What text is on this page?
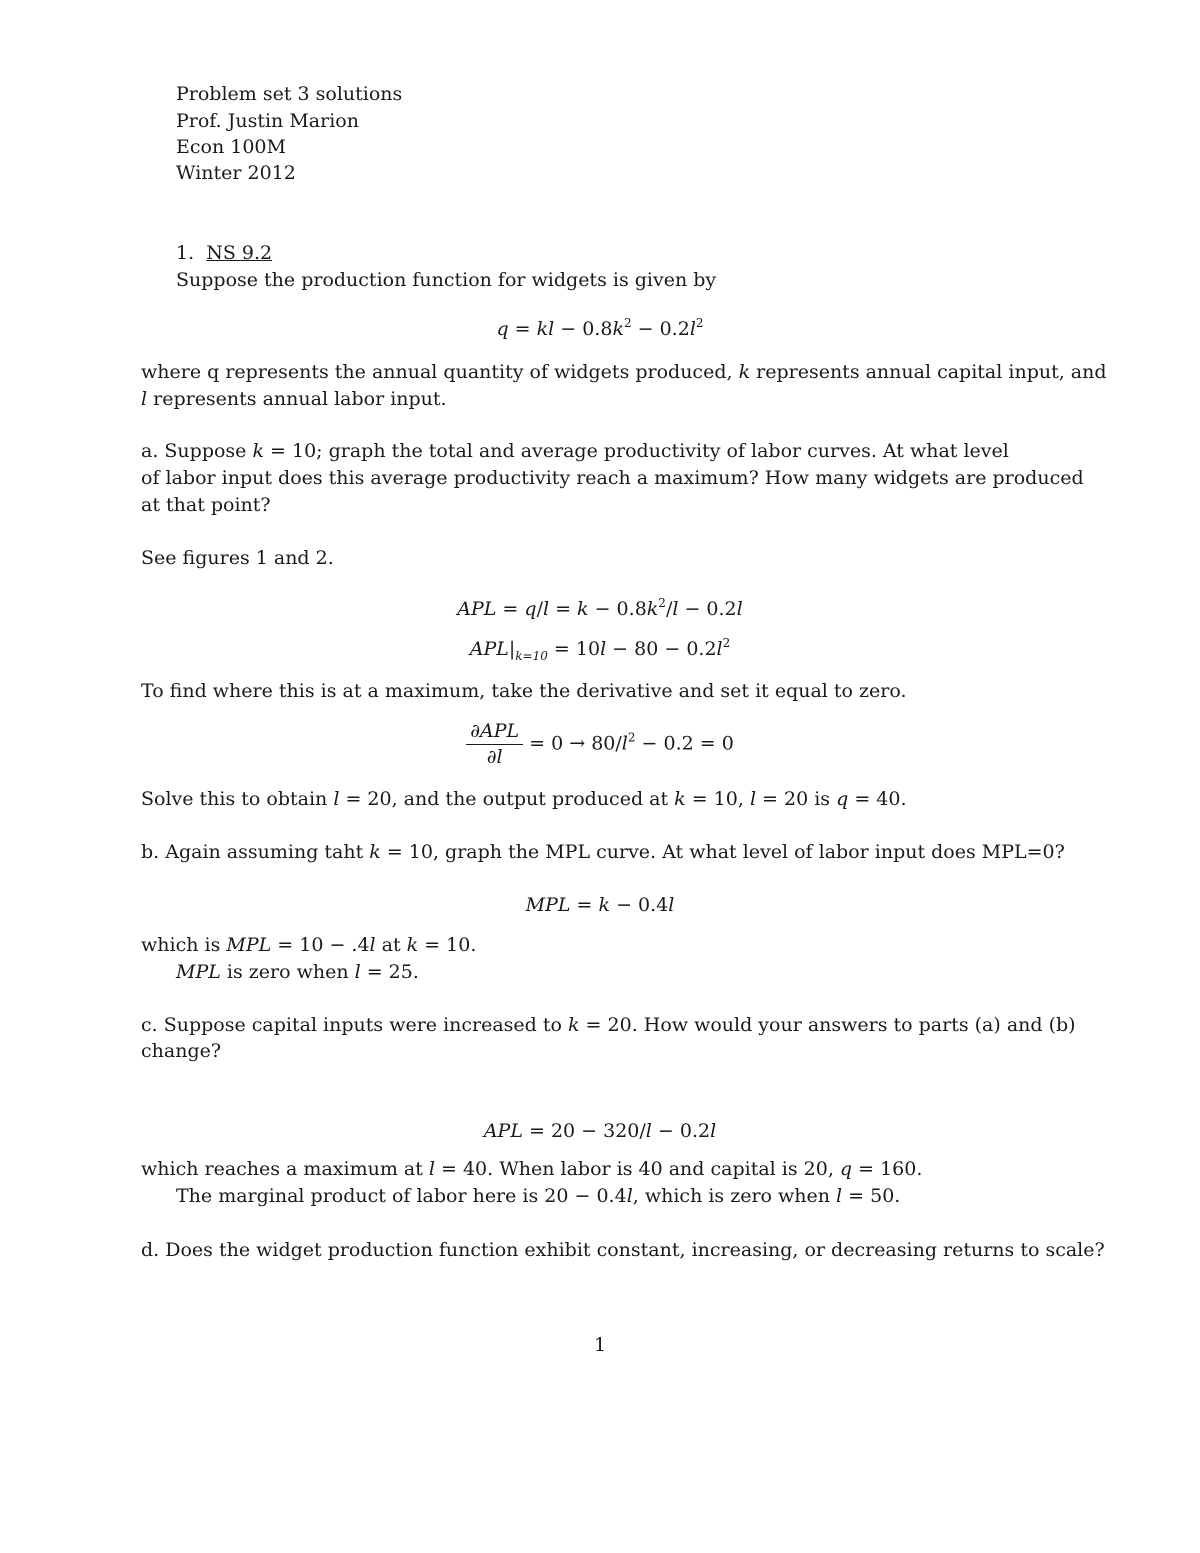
Problem set 3 solutions
Prof. Justin Marion
Econ 100M
Winter 2012
1. NS 9.2
Suppose the production function for widgets is given by
q = kl − $0.8k^2 - 0.2l^2$
where q represents the annual quantity of widgets produced, k represents annual capital input, and
l represents annual labor input.
a. Suppose k = 10; graph the total and average productivity of labor curves. At what level
of labor input does this average productivity reach a maximum? How many widgets are produced
at that point?
See figures 1 and 2.
APL = $q/l = k - 0.8k^2/l - 0.2l$
$APL|_{k=10} = 10l - 80 - 0.2l^2$
To find where this is at a maximum, take the derivative and set it equal to zero.
$\frac{\text{∂APL}}{\partial l} = 0 \to 80/l^2 - 0.2 = 0$
Solve this to obtain l = 20, and the output produced at k = 10, l = 20 is q = 40.
b. Again assuming taht k = 10, graph the MPL curve. At what level of labor input does MPL=0?
MPL = k − 0.4l
which is MPL = 10 − .4l at k = 10.
MPL is zero when l = 25.
c. Suppose capital inputs were increased to k = 20. How would your answers to parts (a) and (b)
change?
APL = 20 − 320/l − 0.2l
which reaches a maximum at l = 40. When labor is 40 and capital is 20, q = 160.
The marginal product of labor here is 20 − 0.4l, which is zero when l = 50.
d. Does the widget production function exhibit constant, increasing, or decreasing returns to scale?
1
